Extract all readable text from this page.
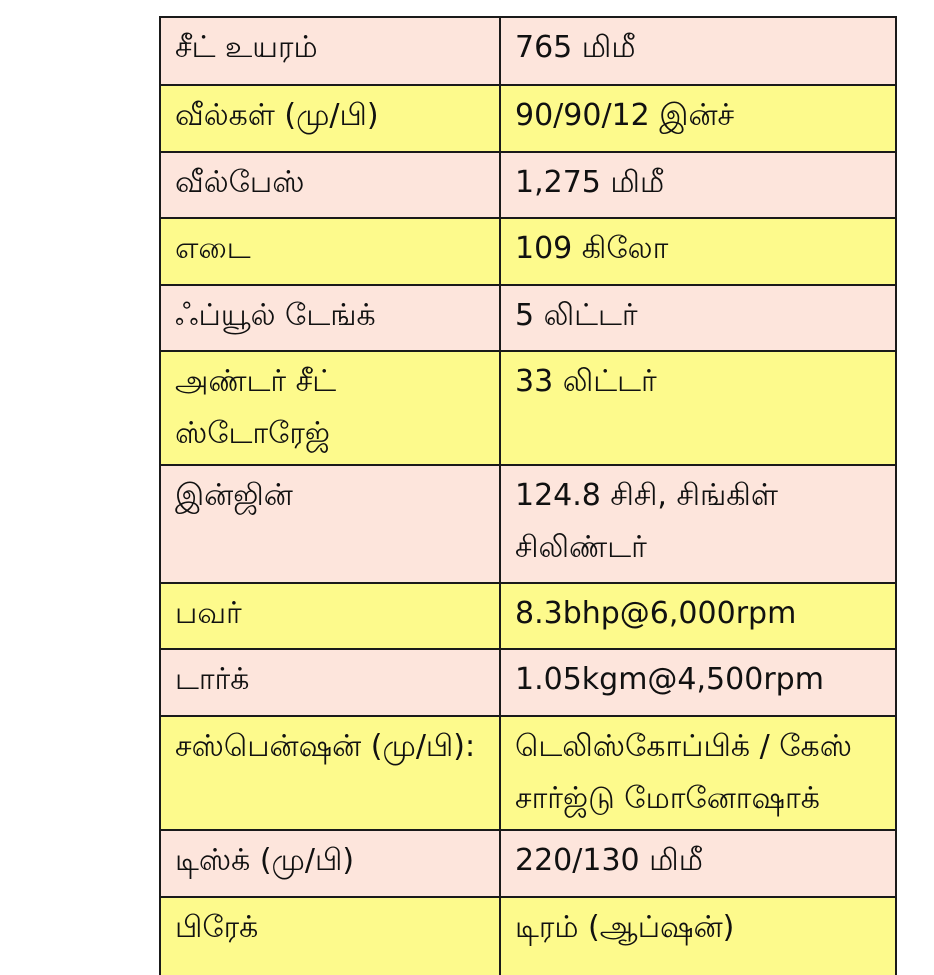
சீட் உயரம்	765 மிமீ
வீல்கள் (மு/பி)	90/90/12 இன்ச்
வீல்பேஸ்	1,275 மிமீ
எடை	109 கிலோ
ஃப்யூல் டேங்க்	5 லிட்டர்
அண்டர் சீட் ஸ்டோரேஜ்	33 லிட்டர்
இன்ஜின்	124.8 சிசி, சிங்கிள் சிலிண்டர்
பவர்	8.3bhp@6,000rpm
டார்க்	1.05kgm@4,500rpm
சஸ்பென்ஷன் (மு/பி):	டெலிஸ்கோப்பிக் / கேஸ் சார்ஜ்டு மோனோஷாக்
டிஸ்க் (மு/பி)	220/130 மிமீ
பிரேக்	டிரம் (ஆப்ஷன்)
